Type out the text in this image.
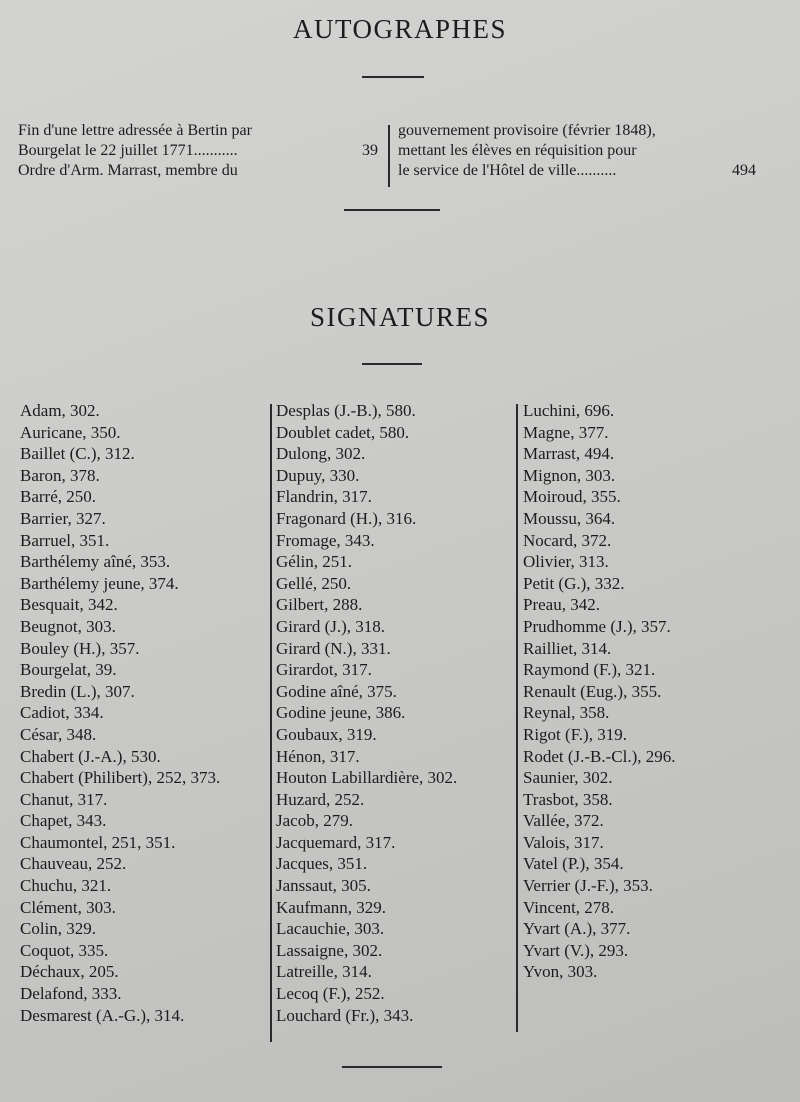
AUTOGRAPHES
Fin d'une lettre adressée à Bertin par
Bourgelat le 22 juillet 1771...........	39
Ordre d'Arm. Marrast, membre du
gouvernement provisoire (février 1848),
mettant les élèves en réquisition pour
le service de l'Hôtel de ville..........	494
SIGNATURES
Adam, 302.
Auricane, 350.
Baillet (C.), 312.
Baron, 378.
Barré, 250.
Barrier, 327.
Barruel, 351.
Barthélemy aîné, 353.
Barthélemy jeune, 374.
Besquait, 342.
Beugnot, 303.
Bouley (H.), 357.
Bourgelat, 39.
Bredin (L.), 307.
Cadiot, 334.
César, 348.
Chabert (J.-A.), 530.
Chabert (Philibert), 252, 373.
Chanut, 317.
Chapet, 343.
Chaumontel, 251, 351.
Chauveau, 252.
Chuchu, 321.
Clément, 303.
Colin, 329.
Coquot, 335.
Déchaux, 205.
Delafond, 333.
Desmarest (A.-G.), 314.
Desplas (J.-B.), 580.
Doublet cadet, 580.
Dulong, 302.
Dupuy, 330.
Flandrin, 317.
Fragonard (H.), 316.
Fromage, 343.
Gélin, 251.
Gellé, 250.
Gilbert, 288.
Girard (J.), 318.
Girard (N.), 331.
Girardot, 317.
Godine aîné, 375.
Godine jeune, 386.
Goubaux, 319.
Hénon, 317.
Houton Labillardière, 302.
Huzard, 252.
Jacob, 279.
Jacquemard, 317.
Jacques, 351.
Janssaut, 305.
Kaufmann, 329.
Lacauchie, 303.
Lassaigne, 302.
Latreille, 314.
Lecoq (F.), 252.
Louchard (Fr.), 343.
Luchini, 696.
Magne, 377.
Marrast, 494.
Mignon, 303.
Moiroud, 355.
Moussu, 364.
Nocard, 372.
Olivier, 313.
Petit (G.), 332.
Preau, 342.
Prudhomme (J.), 357.
Railliet, 314.
Raymond (F.), 321.
Renault (Eug.), 355.
Reynal, 358.
Rigot (F.), 319.
Rodet (J.-B.-Cl.), 296.
Saunier, 302.
Trasbot, 358.
Vallée, 372.
Valois, 317.
Vatel (P.), 354.
Verrier (J.-F.), 353.
Vincent, 278.
Yvart (A.), 377.
Yvart (V.), 293.
Yvon, 303.
